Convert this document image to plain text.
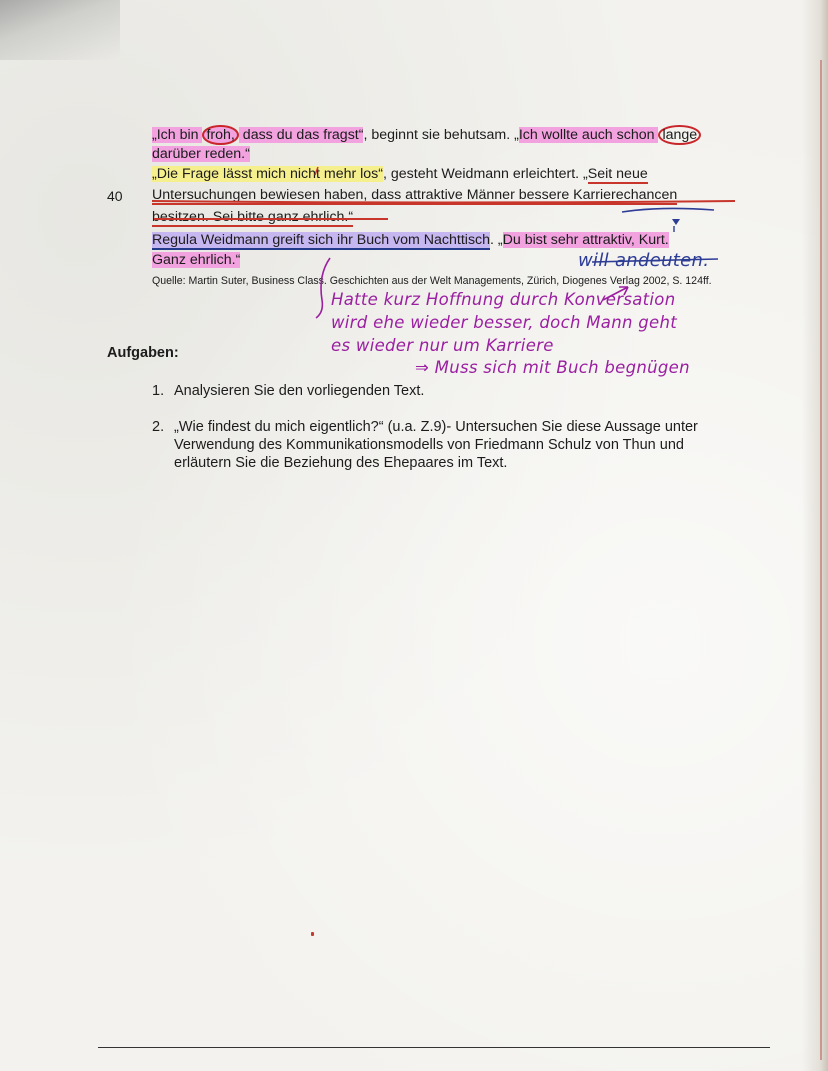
„Ich bin froh, dass du das fragst“, beginnt sie behutsam. „Ich wollte auch schon lange
darüber reden.“
„Die Frage lässt mich nicht mehr los“, gesteht Weidmann erleichtert. „Seit neue
40 Untersuchungen bewiesen haben, dass attraktive Männer bessere Karrierechancen
besitzen. Sei bitte ganz ehrlich.“
Regula Weidmann greift sich ihr Buch vom Nachttisch. „Du bist sehr attraktiv, Kurt.
Ganz ehrlich.“
Quelle: Martin Suter, Business Class. Geschichten aus der Welt Managements, Zürich, Diogenes Verlag 2002, S. 124ff.
will andeuten.
Hatte kurz Hoffnung durch Konversation
wird ehe wieder besser, doch Mann geht
es wieder nur um Karriere
⇒ Muss sich mit Buch begnügen
Aufgaben:
1. Analysieren Sie den vorliegenden Text.
2. „Wie findest du mich eigentlich?“ (u.a. Z.9)- Untersuchen Sie diese Aussage unter Verwendung des Kommunikationsmodells von Friedmann Schulz von Thun und erläutern Sie die Beziehung des Ehepaares im Text.
